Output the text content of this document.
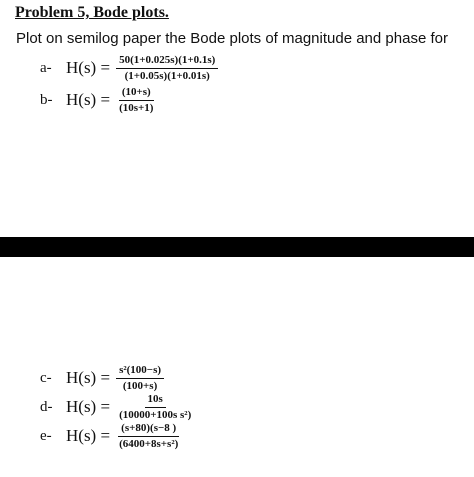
Problem 5, Bode plots.
Plot on semilog paper the Bode plots of magnitude and phase for
a- $H(s) = \frac{50(1+0.025s)(1+0.1s)}{(1+0.05s)(1+0.01s)}$
b- $H(s) = \frac{(10+s)}{(10s+1)}$
c- $H(s) = \frac{\text{s²(100−s)}}{(100+s)}$
d- $H(s) = \frac{10s}{\text{(10000+100s s²)}}$
e- $H(s) = \frac{(s+80)(s-8 )}{\text{(6400+8s+s²)}}$
